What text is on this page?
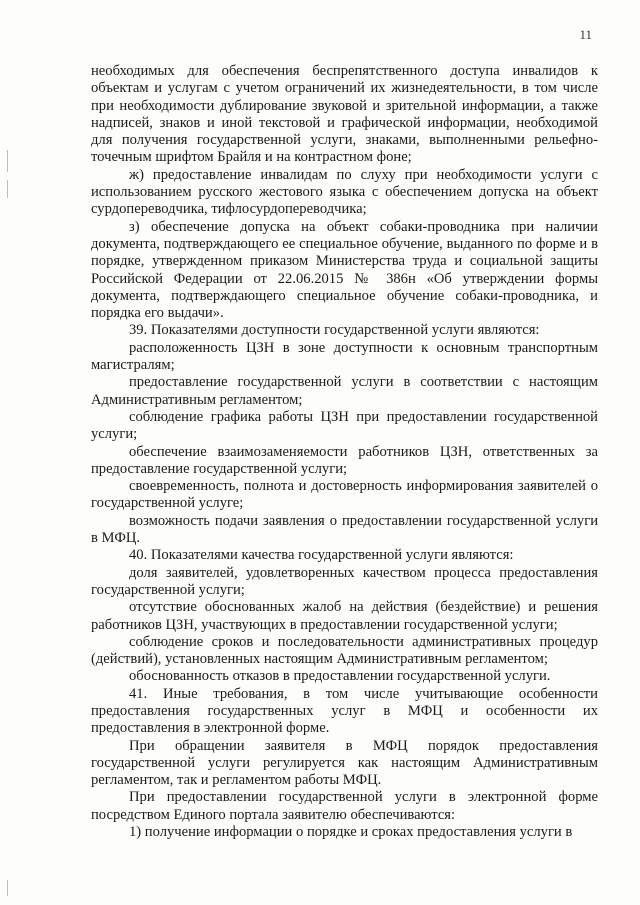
11

необходимых для обеспечения беспрепятственного доступа инвалидов к объектам и услугам с учетом ограничений их жизнедеятельности, в том числе при необходимости дублирование звуковой и зрительной информации, а также надписей, знаков и иной текстовой и графической информации, необходимой для получения государственной услуги, знаками, выполненными рельефно-точечным шрифтом Брайля и на контрастном фоне;

ж) предоставление инвалидам по слуху при необходимости услуги с использованием русского жестового языка с обеспечением допуска на объект сурдопереводчика, тифлосурдопереводчика;

з) обеспечение допуска на объект собаки-проводника при наличии документа, подтверждающего ее специальное обучение, выданного по форме и в порядке, утвержденном приказом Министерства труда и социальной защиты Российской Федерации от 22.06.2015 № 386н «Об утверждении формы документа, подтверждающего специальное обучение собаки-проводника, и порядка его выдачи».

39. Показателями доступности государственной услуги являются:

расположенность ЦЗН в зоне доступности к основным транспортным магистралям;

предоставление государственной услуги в соответствии с настоящим Административным регламентом;

соблюдение графика работы ЦЗН при предоставлении государственной услуги;

обеспечение взаимозаменяемости работников ЦЗН, ответственных за предоставление государственной услуги;

своевременность, полнота и достоверность информирования заявителей о государственной услуге;

возможность подачи заявления о предоставлении государственной услуги в МФЦ.

40. Показателями качества государственной услуги являются:

доля заявителей, удовлетворенных качеством процесса предоставления государственной услуги;

отсутствие обоснованных жалоб на действия (бездействие) и решения работников ЦЗН, участвующих в предоставлении государственной услуги;

соблюдение сроков и последовательности административных процедур (действий), установленных настоящим Административным регламентом;

обоснованность отказов в предоставлении государственной услуги.

41. Иные требования, в том числе учитывающие особенности предоставления государственных услуг в МФЦ и особенности их предоставления в электронной форме.

При обращении заявителя в МФЦ порядок предоставления государственной услуги регулируется как настоящим Административным регламентом, так и регламентом работы МФЦ.

При предоставлении государственной услуги в электронной форме посредством Единого портала заявителю обеспечиваются:

1) получение информации о порядке и сроках предоставления услуги в
